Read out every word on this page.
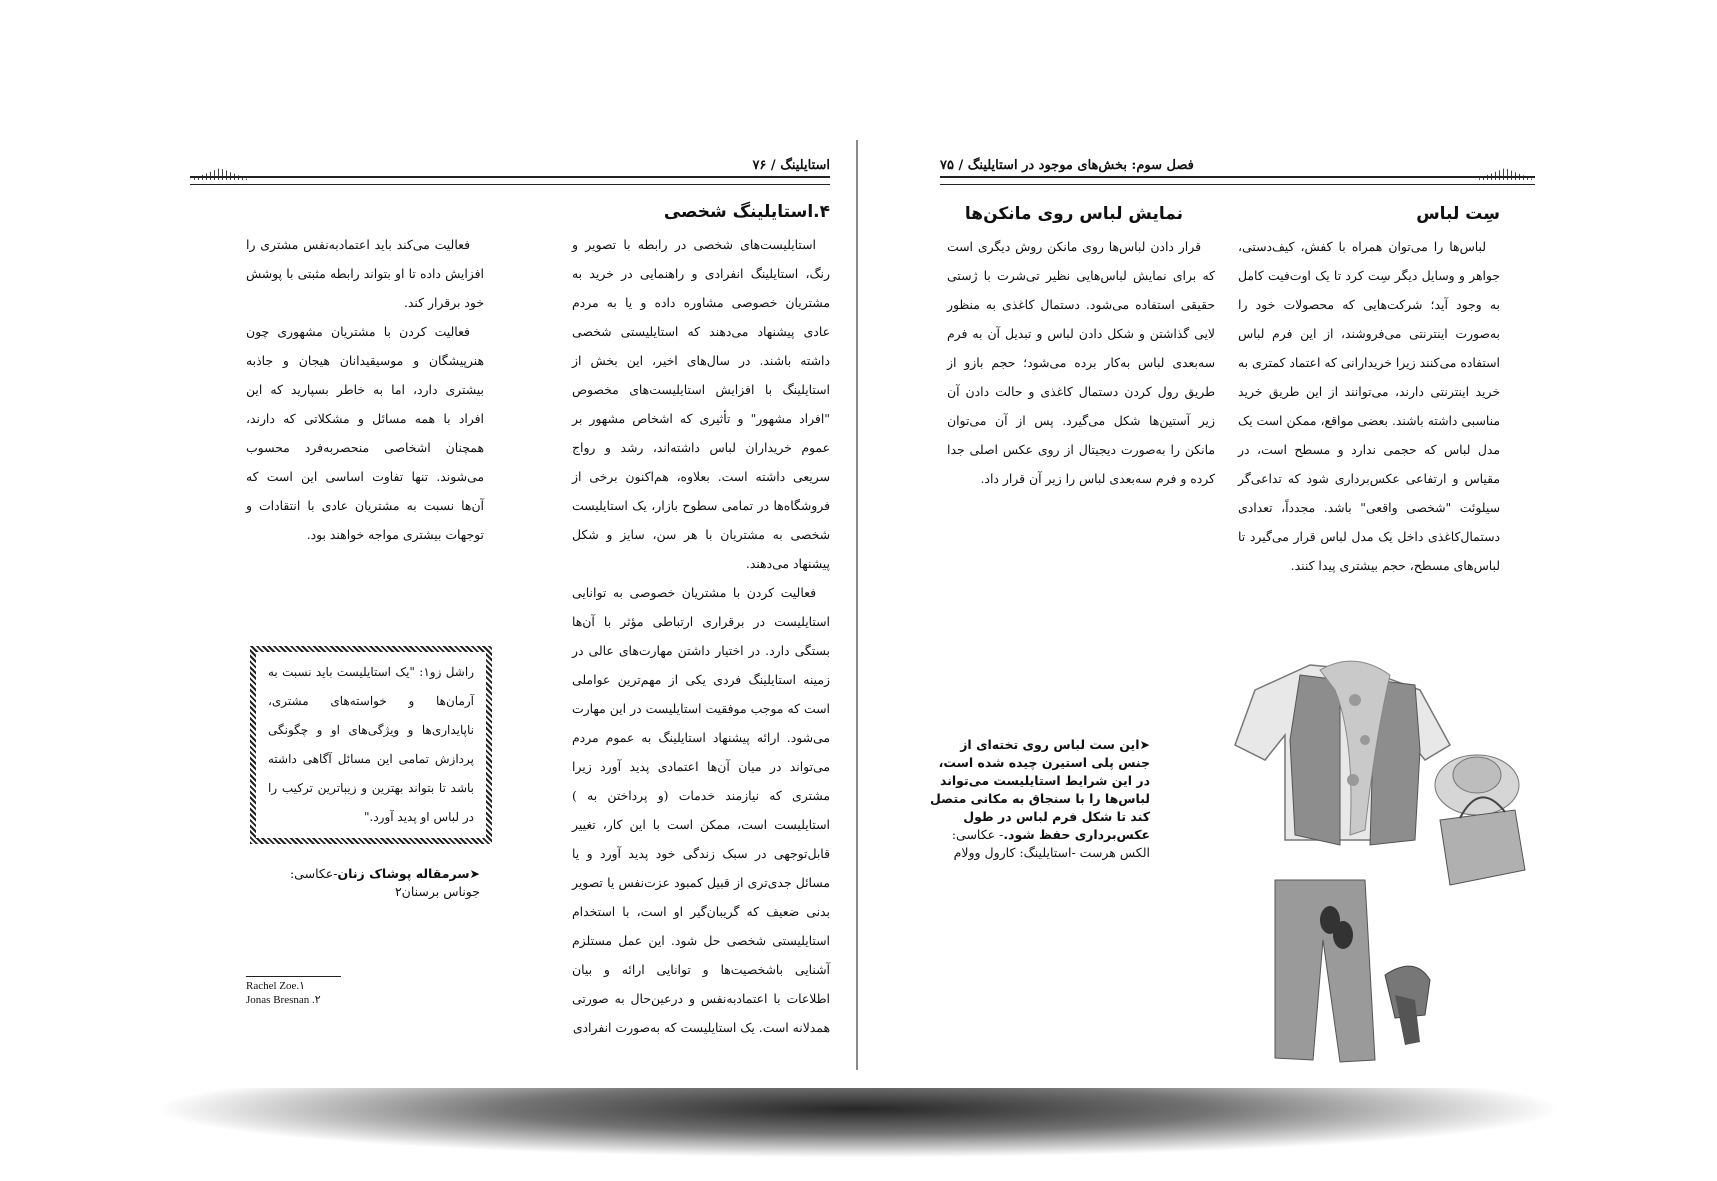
۷۶ / استایلینگ
۴.استایلینگ شخصی

استایلیست‌های شخصی در رابطه با تصویر و رنگ، استایلینگ انفرادی و راهنمایی در خرید به مشتریان خصوصی مشاوره داده و یا به مردم عادی پیشنهاد می‌دهند که استایلیستی شخصی داشته باشند. در سال‌های اخیر، این بخش از استایلینگ با افزایش استایلیست‌های مخصوص "افراد مشهور" و تأثیری که اشخاص مشهور بر عموم خریداران لباس داشته‌اند، رشد و رواج سریعی داشته است. بعلاوه، هم‌اکنون برخی از فروشگاه‌ها در تمامی سطوح بازار، یک استایلیست شخصی به مشتریان با هر سن، سایز و شکل پیشنهاد می‌دهند.

فعالیت کردن با مشتریان خصوصی به توانایی استایلیست در برقراری ارتباطی مؤثر با آن‌ها بستگی دارد. در اختیار داشتن مهارت‌های عالی در زمینه استایلینگ فردی یکی از مهم‌ترین عواملی است که موجب موفقیت استایلیست در این مهارت می‌شود. ارائه پیشنهاد استایلینگ به عموم مردم می‌تواند در میان آن‌ها اعتمادی پدید آورد زیرا مشتری که نیازمند خدمات (و پرداختن به ) استایلیست است، ممکن است با این کار، تغییر قابل‌توجهی در سبک زندگی خود پدید آورد و یا مسائل جدی‌تری از قبیل کمبود عزت‌نفس یا تصویر بدنی ضعیف که گریبان‌گیر او است، با استخدام استایلیستی شخصی حل شود. این عمل مستلزم آشنایی باشخصیت‌ها و توانایی ارائه و بیان اطلاعات با اعتمادبه‌نفس و درعین‌حال به صورتی همدلانه است. یک استایلیست که به‌صورت انفرادی

فعالیت می‌کند باید اعتمادبه‌نفس مشتری را افزایش داده تا او بتواند رابطه مثبتی با پوشش خود برقرار کند.

فعالیت کردن با مشتریان مشهوری چون هنرپیشگان و موسیقیدانان هیجان و جاذبه بیشتری دارد، اما به خاطر بسپارید که این افراد با همه مسائل و مشکلاتی که دارند، همچنان اشخاصی منحصربه‌فرد محسوب می‌شوند. تنها تفاوت اساسی این است که آن‌ها نسبت به مشتریان عادی با انتقادات و توجهات بیشتری مواجه خواهند بود.

راشل زو‌۱: "یک استایلیست باید نسبت به آرمان‌ها و خواسته‌های مشتری، ناپایداری‌ها و ویژگی‌های او و چگونگی پردازش تمامی این مسائل آگاهی داشته باشد تا بتواند بهترین و زیباترین ترکیب را در لباس او پدید آورد."
➤سرمقاله پوشاک زنان-عکاسی: جوناس برسنان۲
Rachel Zoe.۱
Jonas Bresnan .۲
فصل سوم: بخش‌های موجود در استایلینگ / ۷۵
سِت لباس
نمایش لباس روی مانکن‌ها

لباس‌ها را می‌توان همراه با کفش، کیف‌دستی، جواهر و وسایل دیگر سِت کرد تا یک اوت‌فیت کامل به وجود آید؛ شرکت‌هایی که محصولات خود را به‌صورت اینترنتی می‌فروشند، از این فرم لباس استفاده می‌کنند زیرا خریدارانی که اعتماد کمتری به خرید اینترنتی دارند، می‌توانند از این طریق خرید مناسبی داشته باشند. بعضی مواقع، ممکن است یک مدل لباس که حجمی ندارد و مسطح است، در مقیاس و ارتفاعی عکس‌برداری شود که تداعی‌گر سیلوئت "شخصی واقعی" باشد. مجدداً، تعدادی دستمال‌کاغذی داخل یک مدل لباس قرار می‌گیرد تا لباس‌های مسطح، حجم بیشتری پیدا کنند.

قرار دادن لباس‌ها روی مانکن روش دیگری است که برای نمایش لباس‌هایی نظیر تی‌شرت با ژستی حقیقی استفاده می‌شود. دستمال کاغذی به منظور لایی گذاشتن و شکل دادن لباس و تبدیل آن به فرم سه‌بعدی لباس به‌کار برده می‌شود؛ حجم بازو از طریق رول کردن دستمال کاغذی و حالت دادن آن زیر آستین‌ها شکل می‌گیرد. پس از آن می‌توان مانکن را به‌صورت دیجیتال از روی عکس اصلی جدا کرده و فرم سه‌بعدی لباس را زیر آن قرار داد.

➤این ست لباس روی تخته‌ای از جنس پلی استیرن چیده شده است، در این شرایط استایلیست می‌تواند لباس‌ها را با سنجاق به مکانی متصل کند تا شکل فرم لباس در طول عکس‌برداری حفظ شود.- عکاسی: الکس هرست -استایلینگ: کارول وولام
